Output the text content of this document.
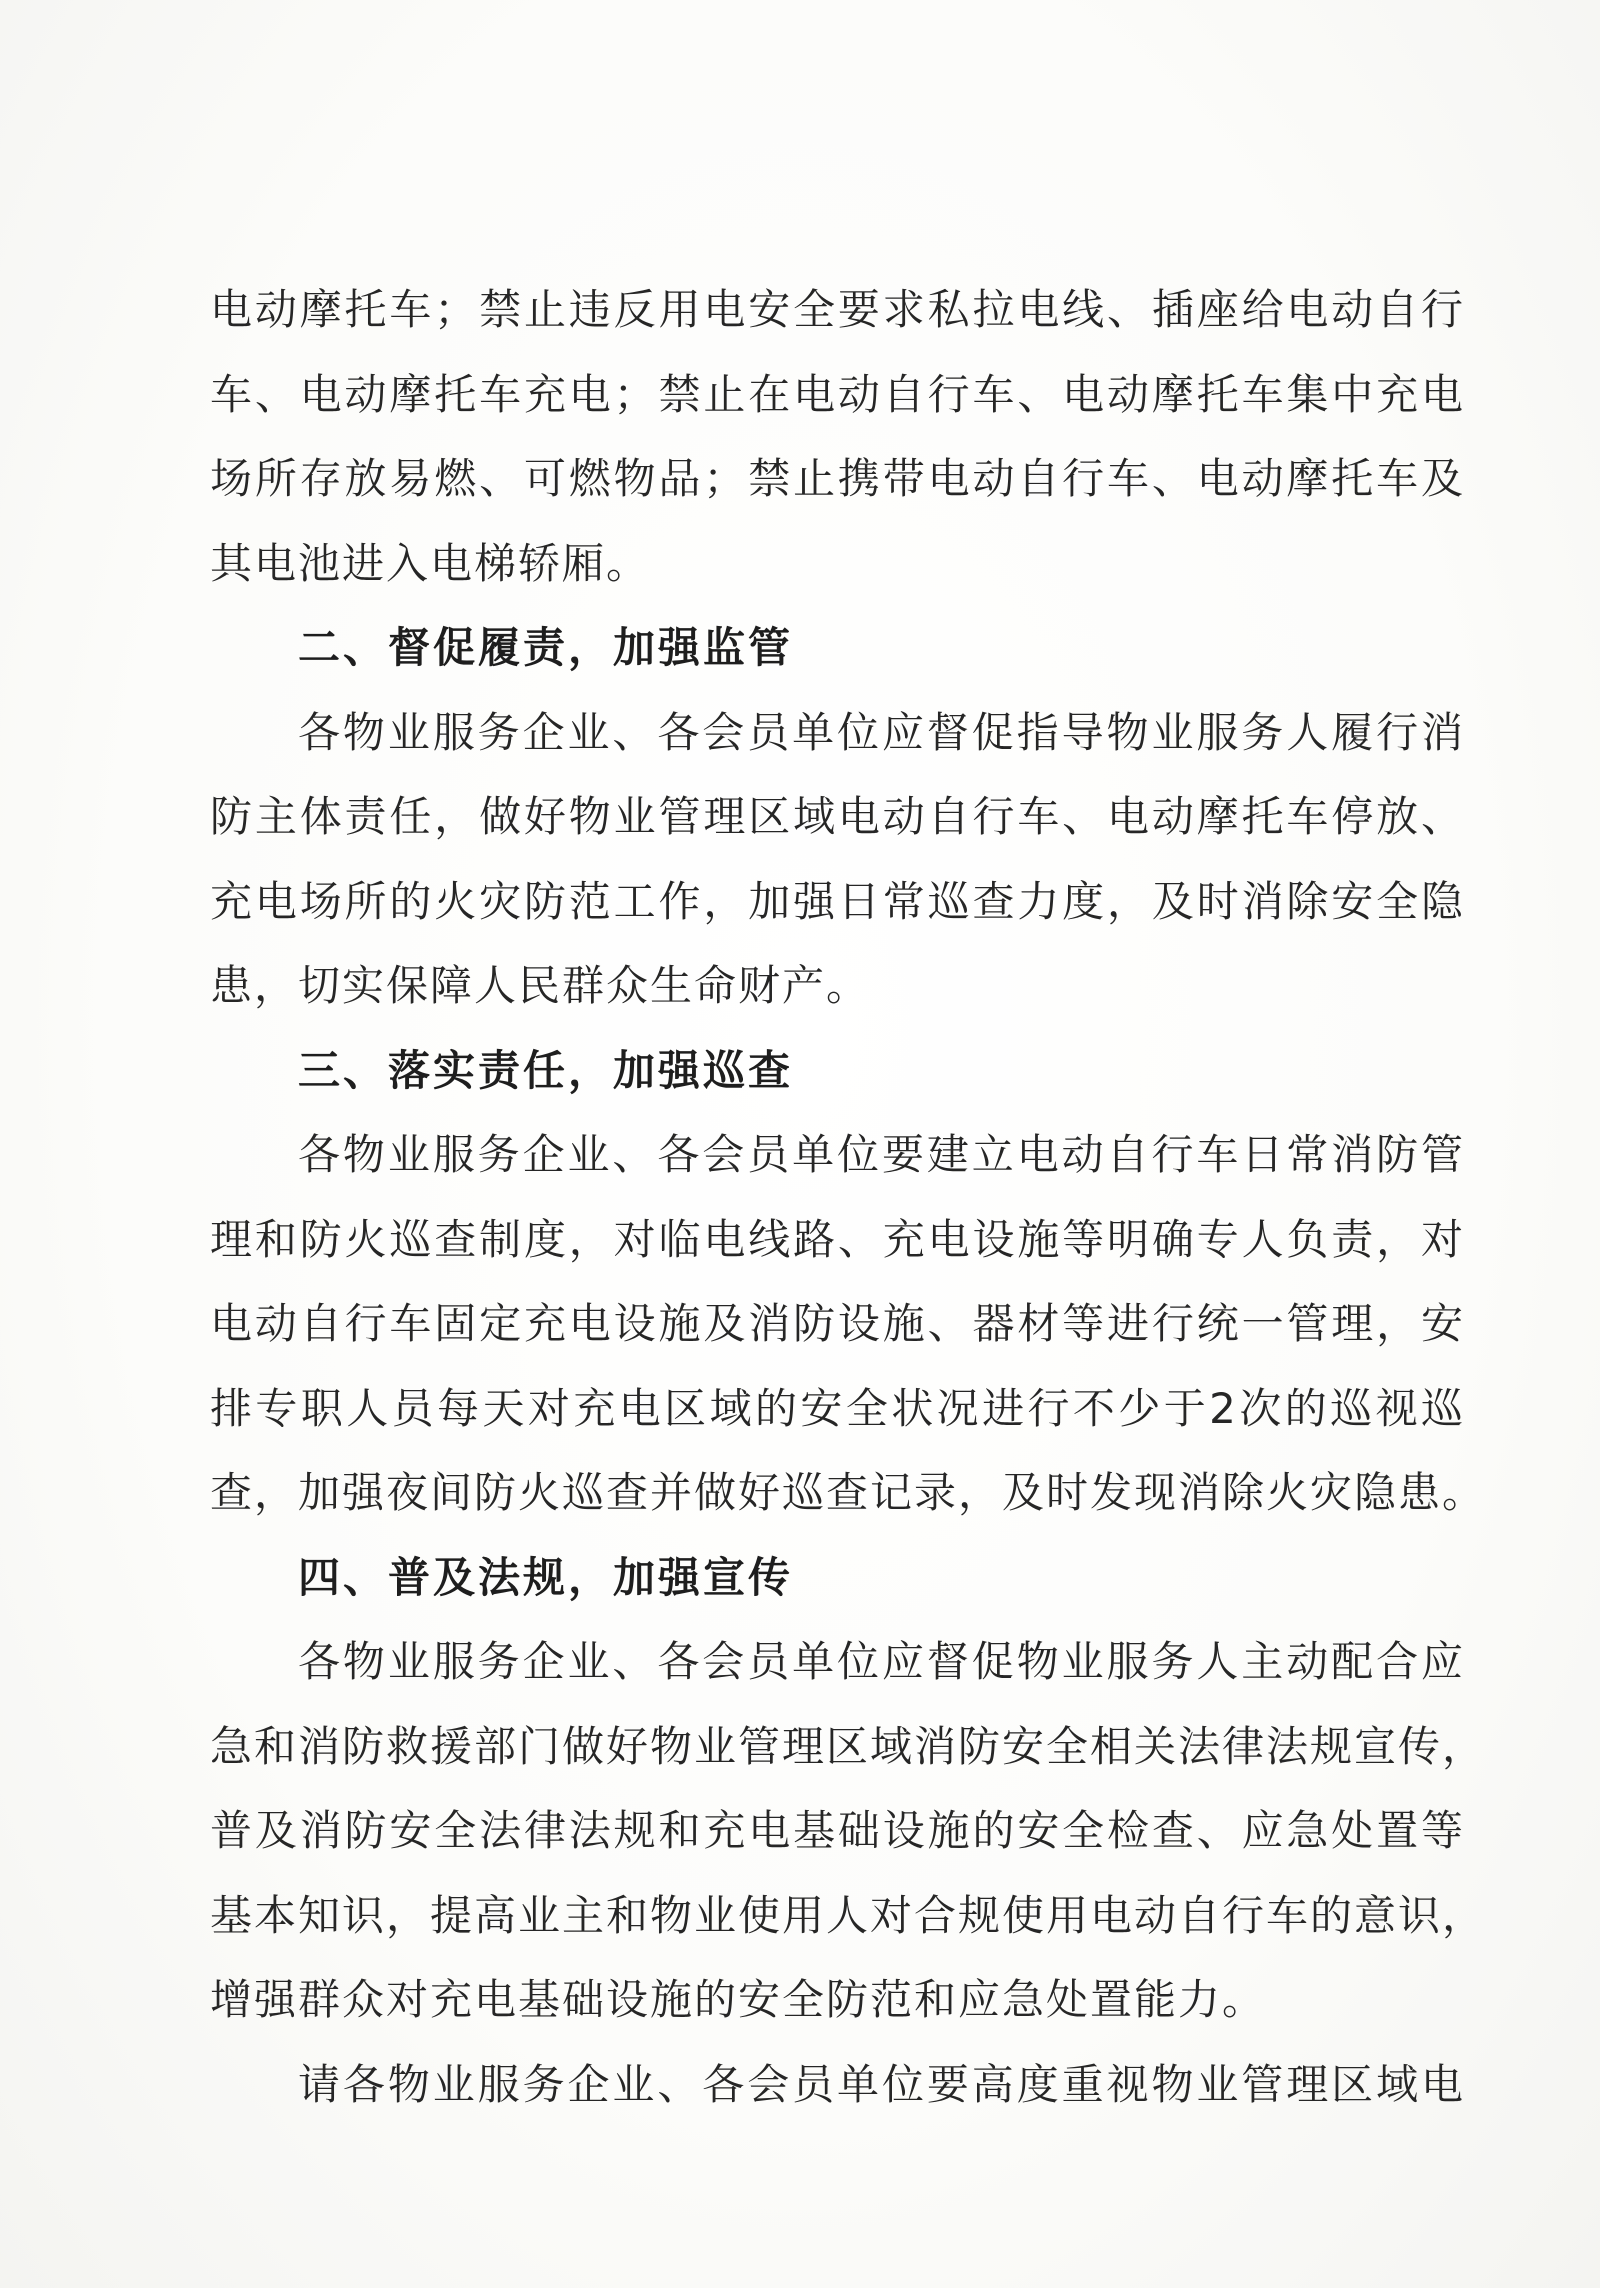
电动摩托车；禁止违反用电安全要求私拉电线、插座给电动自行
车、电动摩托车充电；禁止在电动自行车、电动摩托车集中充电
场所存放易燃、可燃物品；禁止携带电动自行车、电动摩托车及
其电池进入电梯轿厢。
二、督促履责，加强监管
各物业服务企业、各会员单位应督促指导物业服务人履行消
防主体责任，做好物业管理区域电动自行车、电动摩托车停放、
充电场所的火灾防范工作，加强日常巡查力度，及时消除安全隐
患，切实保障人民群众生命财产。
三、落实责任，加强巡查
各物业服务企业、各会员单位要建立电动自行车日常消防管
理和防火巡查制度，对临电线路、充电设施等明确专人负责，对
电动自行车固定充电设施及消防设施、器材等进行统一管理，安
排专职人员每天对充电区域的安全状况进行不少于2次的巡视巡
查，加强夜间防火巡查并做好巡查记录，及时发现消除火灾隐患。
四、普及法规，加强宣传
各物业服务企业、各会员单位应督促物业服务人主动配合应
急和消防救援部门做好物业管理区域消防安全相关法律法规宣传，
普及消防安全法律法规和充电基础设施的安全检查、应急处置等
基本知识，提高业主和物业使用人对合规使用电动自行车的意识，
增强群众对充电基础设施的安全防范和应急处置能力。
请各物业服务企业、各会员单位要高度重视物业管理区域电
